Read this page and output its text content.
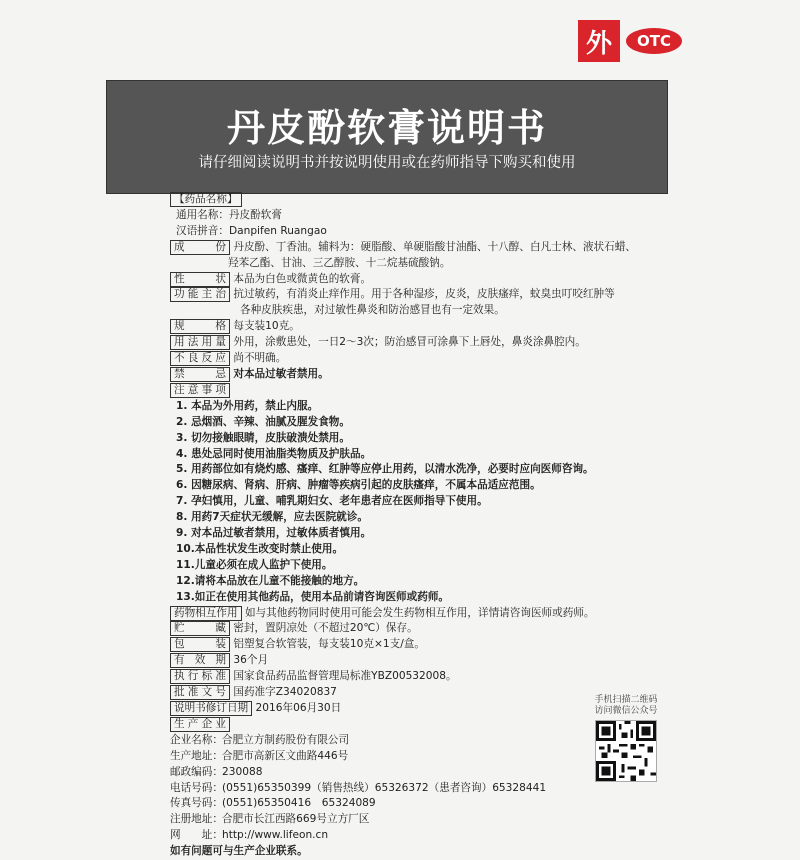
外	OTC
丹皮酚软膏说明书
请仔细阅读说明书并按说明使用或在药师指导下购买和使用
【药品名称】
通用名称：丹皮酚软膏
汉语拼音：Danpifen Ruangao
成　份 丹皮酚、丁香油。辅料为：硬脂酸、单硬脂酸甘油酯、十八醇、白凡士林、液状石蜡、
羟苯乙酯、甘油、三乙醇胺、十二烷基硫酸钠。
性　状 本品为白色或微黄色的软膏。
功能主治 抗过敏药，有消炎止痒作用。用于各种湿疹，皮炎，皮肤瘙痒，蚊臭虫叮咬红肿等
各种皮肤疾患，对过敏性鼻炎和防治感冒也有一定效果。
规　格 每支装10克。
用法用量 外用，涂敷患处，一日2～3次；防治感冒可涂鼻下上唇处，鼻炎涂鼻腔内。
不良反应 尚不明确。
禁　忌 对本品过敏者禁用。
注意事项
1. 本品为外用药，禁止内服。
2. 忌烟酒、辛辣、油腻及腥发食物。
3. 切勿接触眼睛，皮肤破溃处禁用。
4. 患处忌同时使用油脂类物质及护肤品。
5. 用药部位如有烧灼感、瘙痒、红肿等应停止用药，以清水洗净，必要时应向医师咨询。
6. 因糖尿病、肾病、肝病、肿瘤等疾病引起的皮肤瘙痒，不属本品适应范围。
7. 孕妇慎用，儿童、哺乳期妇女、老年患者应在医师指导下使用。
8. 用药7天症状无缓解，应去医院就诊。
9. 对本品过敏者禁用，过敏体质者慎用。
10.本品性状发生改变时禁止使用。
11.儿童必须在成人监护下使用。
12.请将本品放在儿童不能接触的地方。
13.如正在使用其他药品，使用本品前请咨询医师或药师。
药物相互作用 如与其他药物同时使用可能会发生药物相互作用，详情请咨询医师或药师。
贮　藏 密封，置阴凉处（不超过20℃）保存。
包　装 铝塑复合软管装，每支装10克×1支/盒。
有 效 期 36个月
执行标准 国家食品药品监督管理局标准YBZ00532008。
批准文号 国药准字Z34020837
说明书修订日期 2016年06月30日
生产企业
企业名称：合肥立方制药股份有限公司
生产地址：合肥市高新区文曲路446号
邮政编码：230088
电话号码：(0551)65350399（销售热线）65326372（患者咨询）65328441
传真号码：(0551)65350416　65324089
注册地址：合肥市长江西路669号立方厂区
网　　址：http://www.lifeon.cn
如有问题可与生产企业联系。
手机扫描二维码
访问微信公众号
